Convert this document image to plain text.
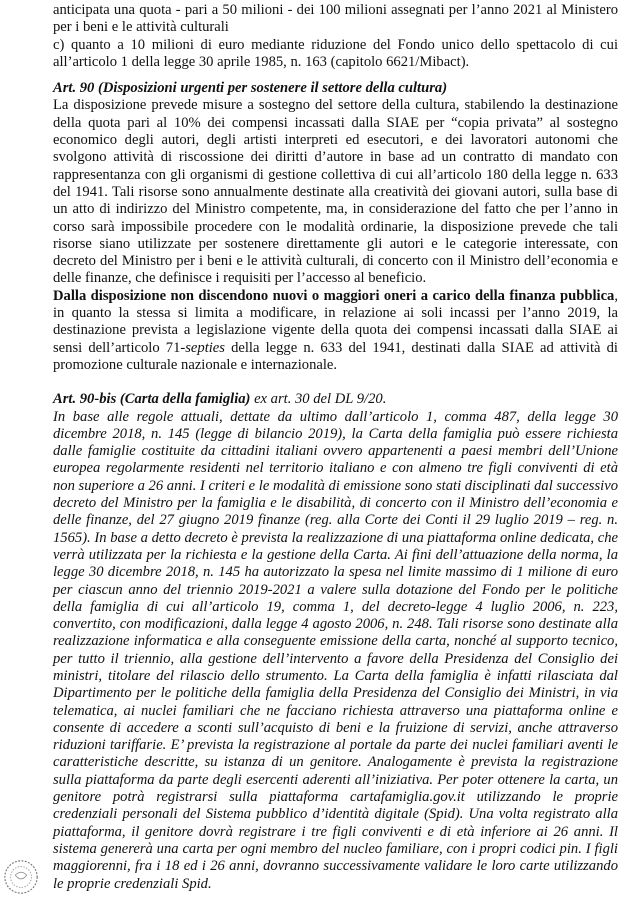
anticipata una quota - pari a 50 milioni - dei 100 milioni assegnati per l’anno 2021 al Ministero per i beni e le attività culturali

c) quanto a 10 milioni di euro mediante riduzione del Fondo unico dello spettacolo di cui all’articolo 1 della legge 30 aprile 1985, n. 163 (capitolo 6621/Mibact).

Art. 90 (Disposizioni urgenti per sostenere il settore della cultura)

La disposizione prevede misure a sostegno del settore della cultura, stabilendo la destinazione della quota pari al 10% dei compensi incassati dalla SIAE per “copia privata” al sostegno economico degli autori, degli artisti interpreti ed esecutori, e dei lavoratori autonomi che svolgono attività di riscossione dei diritti d’autore in base ad un contratto di mandato con rappresentanza con gli organismi di gestione collettiva di cui all’articolo 180 della legge n. 633 del 1941. Tali risorse sono annualmente destinate alla creatività dei giovani autori, sulla base di un atto di indirizzo del Ministro competente, ma, in considerazione del fatto che per l’anno in corso sarà impossibile procedere con le modalità ordinarie, la disposizione prevede che tali risorse siano utilizzate per sostenere direttamente gli autori e le categorie interessate, con decreto del Ministro per i beni e le attività culturali, di concerto con il Ministro dell’economia e delle finanze, che definisce i requisiti per l’accesso al beneficio.

Dalla disposizione non discendono nuovi o maggiori oneri a carico della finanza pubblica, in quanto la stessa si limita a modificare, in relazione ai soli incassi per l’anno 2019, la destinazione prevista a legislazione vigente della quota dei compensi incassati dalla SIAE ai sensi dell’articolo 71-septies della legge n. 633 del 1941, destinati dalla SIAE ad attività di promozione culturale nazionale e internazionale.

Art. 90-bis (Carta della famiglia) ex art. 30 del DL 9/20.

In base alle regole attuali, dettate da ultimo dall’articolo 1, comma 487, della legge 30 dicembre 2018, n. 145 (legge di bilancio 2019), la Carta della famiglia può essere richiesta dalle famiglie costituite da cittadini italiani ovvero appartenenti a paesi membri dell’Unione europea regolarmente residenti nel territorio italiano e con almeno tre figli conviventi di età non superiore a 26 anni. I criteri e le modalità di emissione sono stati disciplinati dal successivo decreto del Ministro per la famiglia e le disabilità, di concerto con il Ministro dell’economia e delle finanze, del 27 giugno 2019 finanze (reg. alla Corte dei Conti il 29 luglio 2019 – reg. n. 1565). In base a detto decreto è prevista la realizzazione di una piattaforma online dedicata, che verrà utilizzata per la richiesta e la gestione della Carta. Ai fini dell’attuazione della norma, la legge 30 dicembre 2018, n. 145 ha autorizzato la spesa nel limite massimo di 1 milione di euro per ciascun anno del triennio 2019-2021 a valere sulla dotazione del Fondo per le politiche della famiglia di cui all’articolo 19, comma 1, del decreto-legge 4 luglio 2006, n. 223, convertito, con modificazioni, dalla legge 4 agosto 2006, n. 248. Tali risorse sono destinate alla realizzazione informatica e alla conseguente emissione della carta, nonché al supporto tecnico, per tutto il triennio, alla gestione dell’intervento a favore della Presidenza del Consiglio dei ministri, titolare del rilascio dello strumento. La Carta della famiglia è infatti rilasciata dal Dipartimento per le politiche della famiglia della Presidenza del Consiglio dei Ministri, in via telematica, ai nuclei familiari che ne facciano richiesta attraverso una piattaforma online e consente di accedere a sconti sull’acquisto di beni e la fruizione di servizi, anche attraverso riduzioni tariffarie. E’ prevista la registrazione al portale da parte dei nuclei familiari aventi le caratteristiche descritte, su istanza di un genitore. Analogamente è prevista la registrazione sulla piattaforma da parte degli esercenti aderenti all’iniziativa. Per poter ottenere la carta, un genitore potrà registrarsi sulla piattaforma cartafamiglia.gov.it utilizzando le proprie credenziali personali del Sistema pubblico d’identità digitale (Spid). Una volta registrato alla piattaforma, il genitore dovrà registrare i tre figli conviventi e di età inferiore ai 26 anni. Il sistema genererà una carta per ogni membro del nucleo familiare, con i propri codici pin. I figli maggiorenni, fra i 18 ed i 26 anni, dovranno successivamente validare le loro carte utilizzando le proprie credenziali Spid.
